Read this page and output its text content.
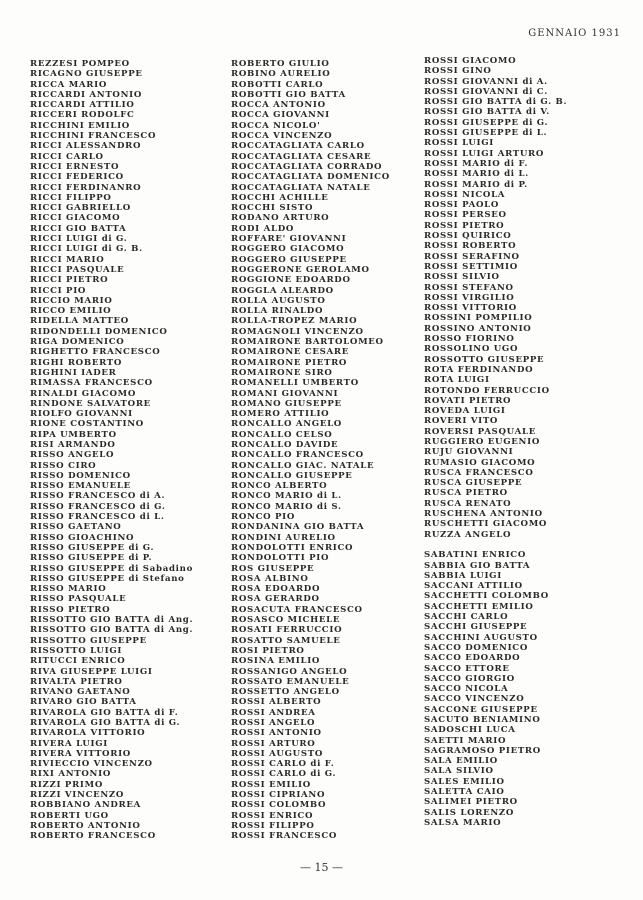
GENNAIO 1931
REZZESI POMPEO
RICAGNO GIUSEPPE
RICCA MARIO
RICCARDI ANTONIO
RICCARDI ATTILIO
RICCERI RODOLFC
RICCHINI EMILIO
RICCHINI FRANCESCO
RICCI ALESSANDRO
RICCI CARLO
RICCI ERNESTO
RICCI FEDERICO
RICCI FERDINANRO
RICCI FILIPPO
RICCI GABRIELLO
RICCI GIACOMO
RICCI GIO BATTA
RICCI LUIGI di G.
RICCI LUIGI di G. B.
RICCI MARIO
RICCI PASQUALE
RICCI PIETRO
RICCI PIO
RICCIO MARIO
RICCO EMILIO
RIDELLA MATTEO
RIDONDELLI DOMENICO
RIGA DOMENICO
RIGHETTO FRANCESCO
RIGHI ROBERTO
RIGHINI IADER
RIMASSA FRANCESCO
RINALDI GIACOMO
RINDONE SALVATORE
RIOLFO GIOVANNI
RIONE COSTANTINO
RIPA UMBERTO
RISI ARMANDO
RISSO ANGELO
RISSO CIRO
RISSO DOMENICO
RISSO EMANUELE
RISSO FRANCESCO di A.
RISSO FRANCESCO di G.
RISSO FRANCESCO di L.
RISSO GAETANO
RISSO GIOACHINO
RISSO GIUSEPPE di G.
RISSO GIUSEPPE di P.
RISSO GIUSEPPE di Sabadino
RISSO GIUSEPPE di Stefano
RISSO MARIO
RISSO PASQUALE
RISSO PIETRO
RISSOTTO GIO BATTA di Ang.
RISSOTTO GIO BATTA di Ang.
RISSOTTO GIUSEPPE
RISSOTTO LUIGI
RITUCCI ENRICO
RIVA GIUSEPPE LUIGI
RIVALTA PIETRO
RIVANO GAETANO
RIVARO GIO BATTA
RIVAROLA GIO BATTA di F.
RIVAROLA GIO BATTA di G.
RIVAROLA VITTORIO
RIVERA LUIGI
RIVERA VITTORIO
RIVIECCIO VINCENZO
RIXI ANTONIO
RIZZI PRIMO
RIZZI VINCENZO
ROBBIANO ANDREA
ROBERTI UGO
ROBERTO ANTONIO
ROBERTO FRANCESCO
ROBERTO GIULIO
ROBINO AURELIO
ROBOTTI CARLO
ROBOTTI GIO BATTA
ROCCA ANTONIO
ROCCA GIOVANNI
ROCCA NICOLO'
ROCCA VINCENZO
ROCCATAGLIATA CARLO
ROCCATAGLIATA CESARE
ROCCATAGLIATA CORRADO
ROCCATAGLIATA DOMENICO
ROCCATAGLIATA NATALE
ROCCHI ACHILLE
ROCCHI SISTO
RODANO ARTURO
RODI ALDO
ROFFARE' GIOVANNI
ROGGERO GIACOMO
ROGGERO GIUSEPPE
ROGGERONE GEROLAMO
ROGGIONE EDOARDO
ROGGLA ALEARDO
ROLLA AUGUSTO
ROLLA RINALDO
ROLLA-TROPEZ MARIO
ROMAGNOLI VINCENZO
ROMAIRONE BARTOLOMEO
ROMAIRONE CESARE
ROMAIRONE PIETRO
ROMAIRONE SIRO
ROMANELLI UMBERTO
ROMANI GIOVANNI
ROMANO GIUSEPPE
ROMERO ATTILIO
RONCALLO ANGELO
RONCALLO CELSO
RONCALLO DAVIDE
RONCALLO FRANCESCO
RONCALLO GIAC. NATALE
RONCALLO GIUSEPPE
RONCO ALBERTO
RONCO MARIO di L.
RONCO MARIO di S.
RONCO PIO
RONDANINA GIO BATTA
RONDINI AURELIO
RONDOLOTTI ENRICO
RONDOLOTTI PIO
ROS GIUSEPPE
ROSA ALBINO
ROSA EDOARDO
ROSA GERARDO
ROSACUTA FRANCESCO
ROSASCO MICHELE
ROSATI FERRUCCIO
ROSATTO SAMUELE
ROSI PIETRO
ROSINA EMILIO
ROSSANIGO ANGELO
ROSSATO EMANUELE
ROSSETTO ANGELO
ROSSI ALBERTO
ROSSI ANDREA
ROSSI ANGELO
ROSSI ANTONIO
ROSSI ARTURO
ROSSI AUGUSTO
ROSSI CARLO di F.
ROSSI CARLO di G.
ROSSI EMILIO
ROSSI CIPRIANO
ROSSI COLOMBO
ROSSI ENRICO
ROSSI FILIPPO
ROSSI FRANCESCO
ROSSI GIACOMO
ROSSI GINO
ROSSI GIOVANNI di A.
ROSSI GIOVANNI di C.
ROSSI GIO BATTA di G. B.
ROSSI GIO BATTA di V.
ROSSI GIUSEPPE di G.
ROSSI GIUSEPPE di L.
ROSSI LUIGI
ROSSI LUIGI ARTURO
ROSSI MARIO di F.
ROSSI MARIO di L.
ROSSI MARIO di P.
ROSSI NICOLA
ROSSI PAOLO
ROSSI PERSEO
ROSSI PIETRO
ROSSI QUIRICO
ROSSI ROBERTO
ROSSI SERAFINO
ROSSI SETTIMIO
ROSSI SILVIO
ROSSI STEFANO
ROSSI VIRGILIO
ROSSI VITTORIO
ROSSINI POMPILIO
ROSSINO ANTONIO
ROSSO FIORINO
ROSSOLINO UGO
ROSSOTTO GIUSEPPE
ROTA FERDINANDO
ROTA LUIGI
ROTONDO FERRUCCIO
ROVATI PIETRO
ROVEDA LUIGI
ROVERI VITO
ROVERSI PASQUALE
RUGGIERO EUGENIO
RUJU GIOVANNI
RUMASIO GIACOMO
RUSCA FRANCESCO
RUSCA GIUSEPPE
RUSCA PIETRO
RUSCA RENATO
RUSCHENA ANTONIO
RUSCHETTI GIACOMO
RUZZA ANGELO
SABATINI ENRICO
SABBIA GIO BATTA
SABBIA LUIGI
SACCANI ATTILIO
SACCHETTI COLOMBO
SACCHETTI EMILIO
SACCHI CARLO
SACCHI GIUSEPPE
SACCHINI AUGUSTO
SACCO DOMENICO
SACCO EDOARDO
SACCO ETTORE
SACCO GIORGIO
SACCO NICOLA
SACCO VINCENZO
SACCONE GIUSEPPE
SACUTO BENIAMINO
SADOSCHI LUCA
SAETTI MARIO
SAGRAMOSO PIETRO
SALA EMILIO
SALA SILVIO
SALES EMILIO
SALETTA CAIO
SALIMEI PIETRO
SALIS LORENZO
SALSA MARIO
— 15 —
